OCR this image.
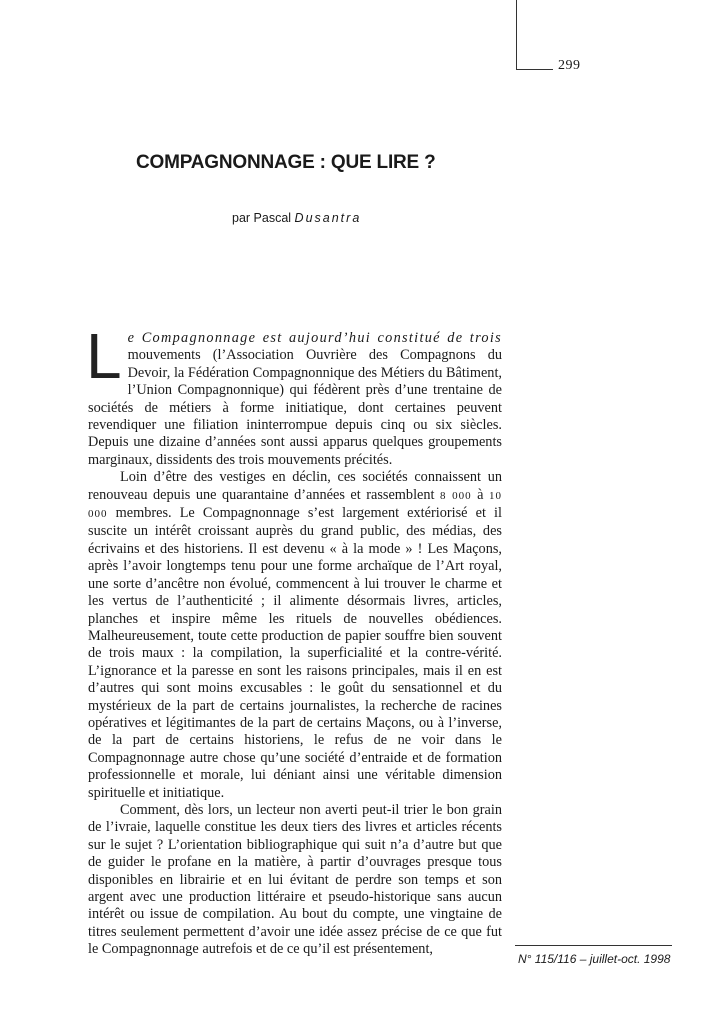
299
COMPAGNONNAGE : QUE LIRE ?
par Pascal Dusantra

Le Compagnonnage est aujourd’hui constitué de trois mouvements (l’Association Ouvrière des Compagnons du Devoir, la Fédération Compagnonnique des Métiers du Bâtiment, l’Union Compagnonnique) qui fédèrent près d’une trentaine de sociétés de métiers à forme initiatique, dont certaines peuvent revendiquer une filiation ininterrompue depuis cinq ou six siècles. Depuis une dizaine d’années sont aussi apparus quelques groupements marginaux, dissidents des trois mouvements précités.

Loin d’être des vestiges en déclin, ces sociétés connaissent un renouveau depuis une quarantaine d’années et rassemblent 8 000 à 10 000 membres. Le Compagnonnage s’est largement extériorisé et il suscite un intérêt croissant auprès du grand public, des médias, des écrivains et des historiens. Il est devenu « à la mode » ! Les Maçons, après l’avoir longtemps tenu pour une forme archaïque de l’Art royal, une sorte d’ancêtre non évolué, commencent à lui trouver le charme et les vertus de l’authenticité ; il alimente désormais livres, articles, planches et inspire même les rituels de nouvelles obédiences. Malheureusement, toute cette production de papier souffre bien souvent de trois maux : la compilation, la superficialité et la contre-vérité. L’ignorance et la paresse en sont les raisons principales, mais il en est d’autres qui sont moins excusables : le goût du sensationnel et du mystérieux de la part de certains journalistes, la recherche de racines opératives et légitimantes de la part de certains Maçons, ou à l’inverse, de la part de certains historiens, le refus de ne voir dans le Compagnonnage autre chose qu’une société d’entraide et de formation professionnelle et morale, lui déniant ainsi une véritable dimension spirituelle et initiatique.

Comment, dès lors, un lecteur non averti peut-il trier le bon grain de l’ivraie, laquelle constitue les deux tiers des livres et articles récents sur le sujet ? L’orientation bibliographique qui suit n’a d’autre but que de guider le profane en la matière, à partir d’ouvrages presque tous disponibles en librairie et en lui évitant de perdre son temps et son argent avec une production littéraire et pseudo-historique sans aucun intérêt ou issue de compilation. Au bout du compte, une vingtaine de titres seulement permettent d’avoir une idée assez précise de ce que fut le Compagnonnage autrefois et de ce qu’il est présentement,

N° 115/116 – juillet-oct. 1998
